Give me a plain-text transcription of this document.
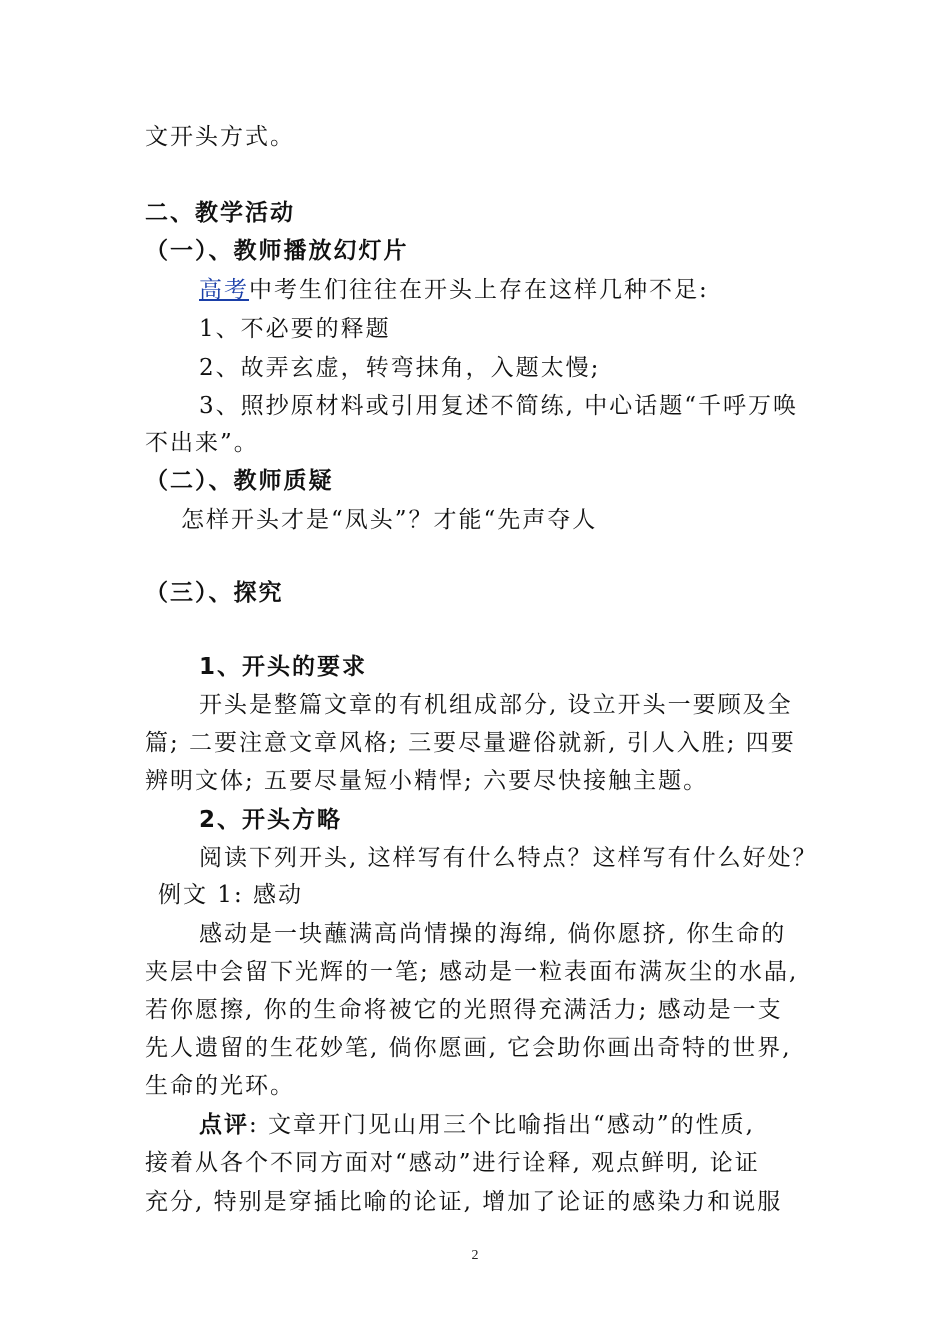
文开头方式。
二、教学活动
（一）、教师播放幻灯片
高考中考生们往往在开头上存在这样几种不足:
1、不必要的释题
2、故弄玄虚，转弯抹角，入题太慢;
3、照抄原材料或引用复述不简练, 中心话题“千呼万唤
不出来”。
（二）、教师质疑
怎样开头才是“凤头”？才能“先声夺人
（三）、探究
1、开头的要求
开头是整篇文章的有机组成部分, 设立开头一要顾及全
篇; 二要注意文章风格; 三要尽量避俗就新, 引人入胜; 四要
辨明文体; 五要尽量短小精悍; 六要尽快接触主题。
2、开头方略
阅读下列开头, 这样写有什么特点？这样写有什么好处？
例文 1: 感动
感动是一块蘸满高尚情操的海绵, 倘你愿挤, 你生命的
夹层中会留下光辉的一笔; 感动是一粒表面布满灰尘的水晶,
若你愿擦, 你的生命将被它的光照得充满活力; 感动是一支
先人遗留的生花妙笔, 倘你愿画, 它会助你画出奇特的世界,
生命的光环。
点评: 文章开门见山用三个比喻指出“感动”的性质,
接着从各个不同方面对“感动”进行诠释, 观点鲜明, 论证
充分, 特别是穿插比喻的论证, 增加了论证的感染力和说服
2
